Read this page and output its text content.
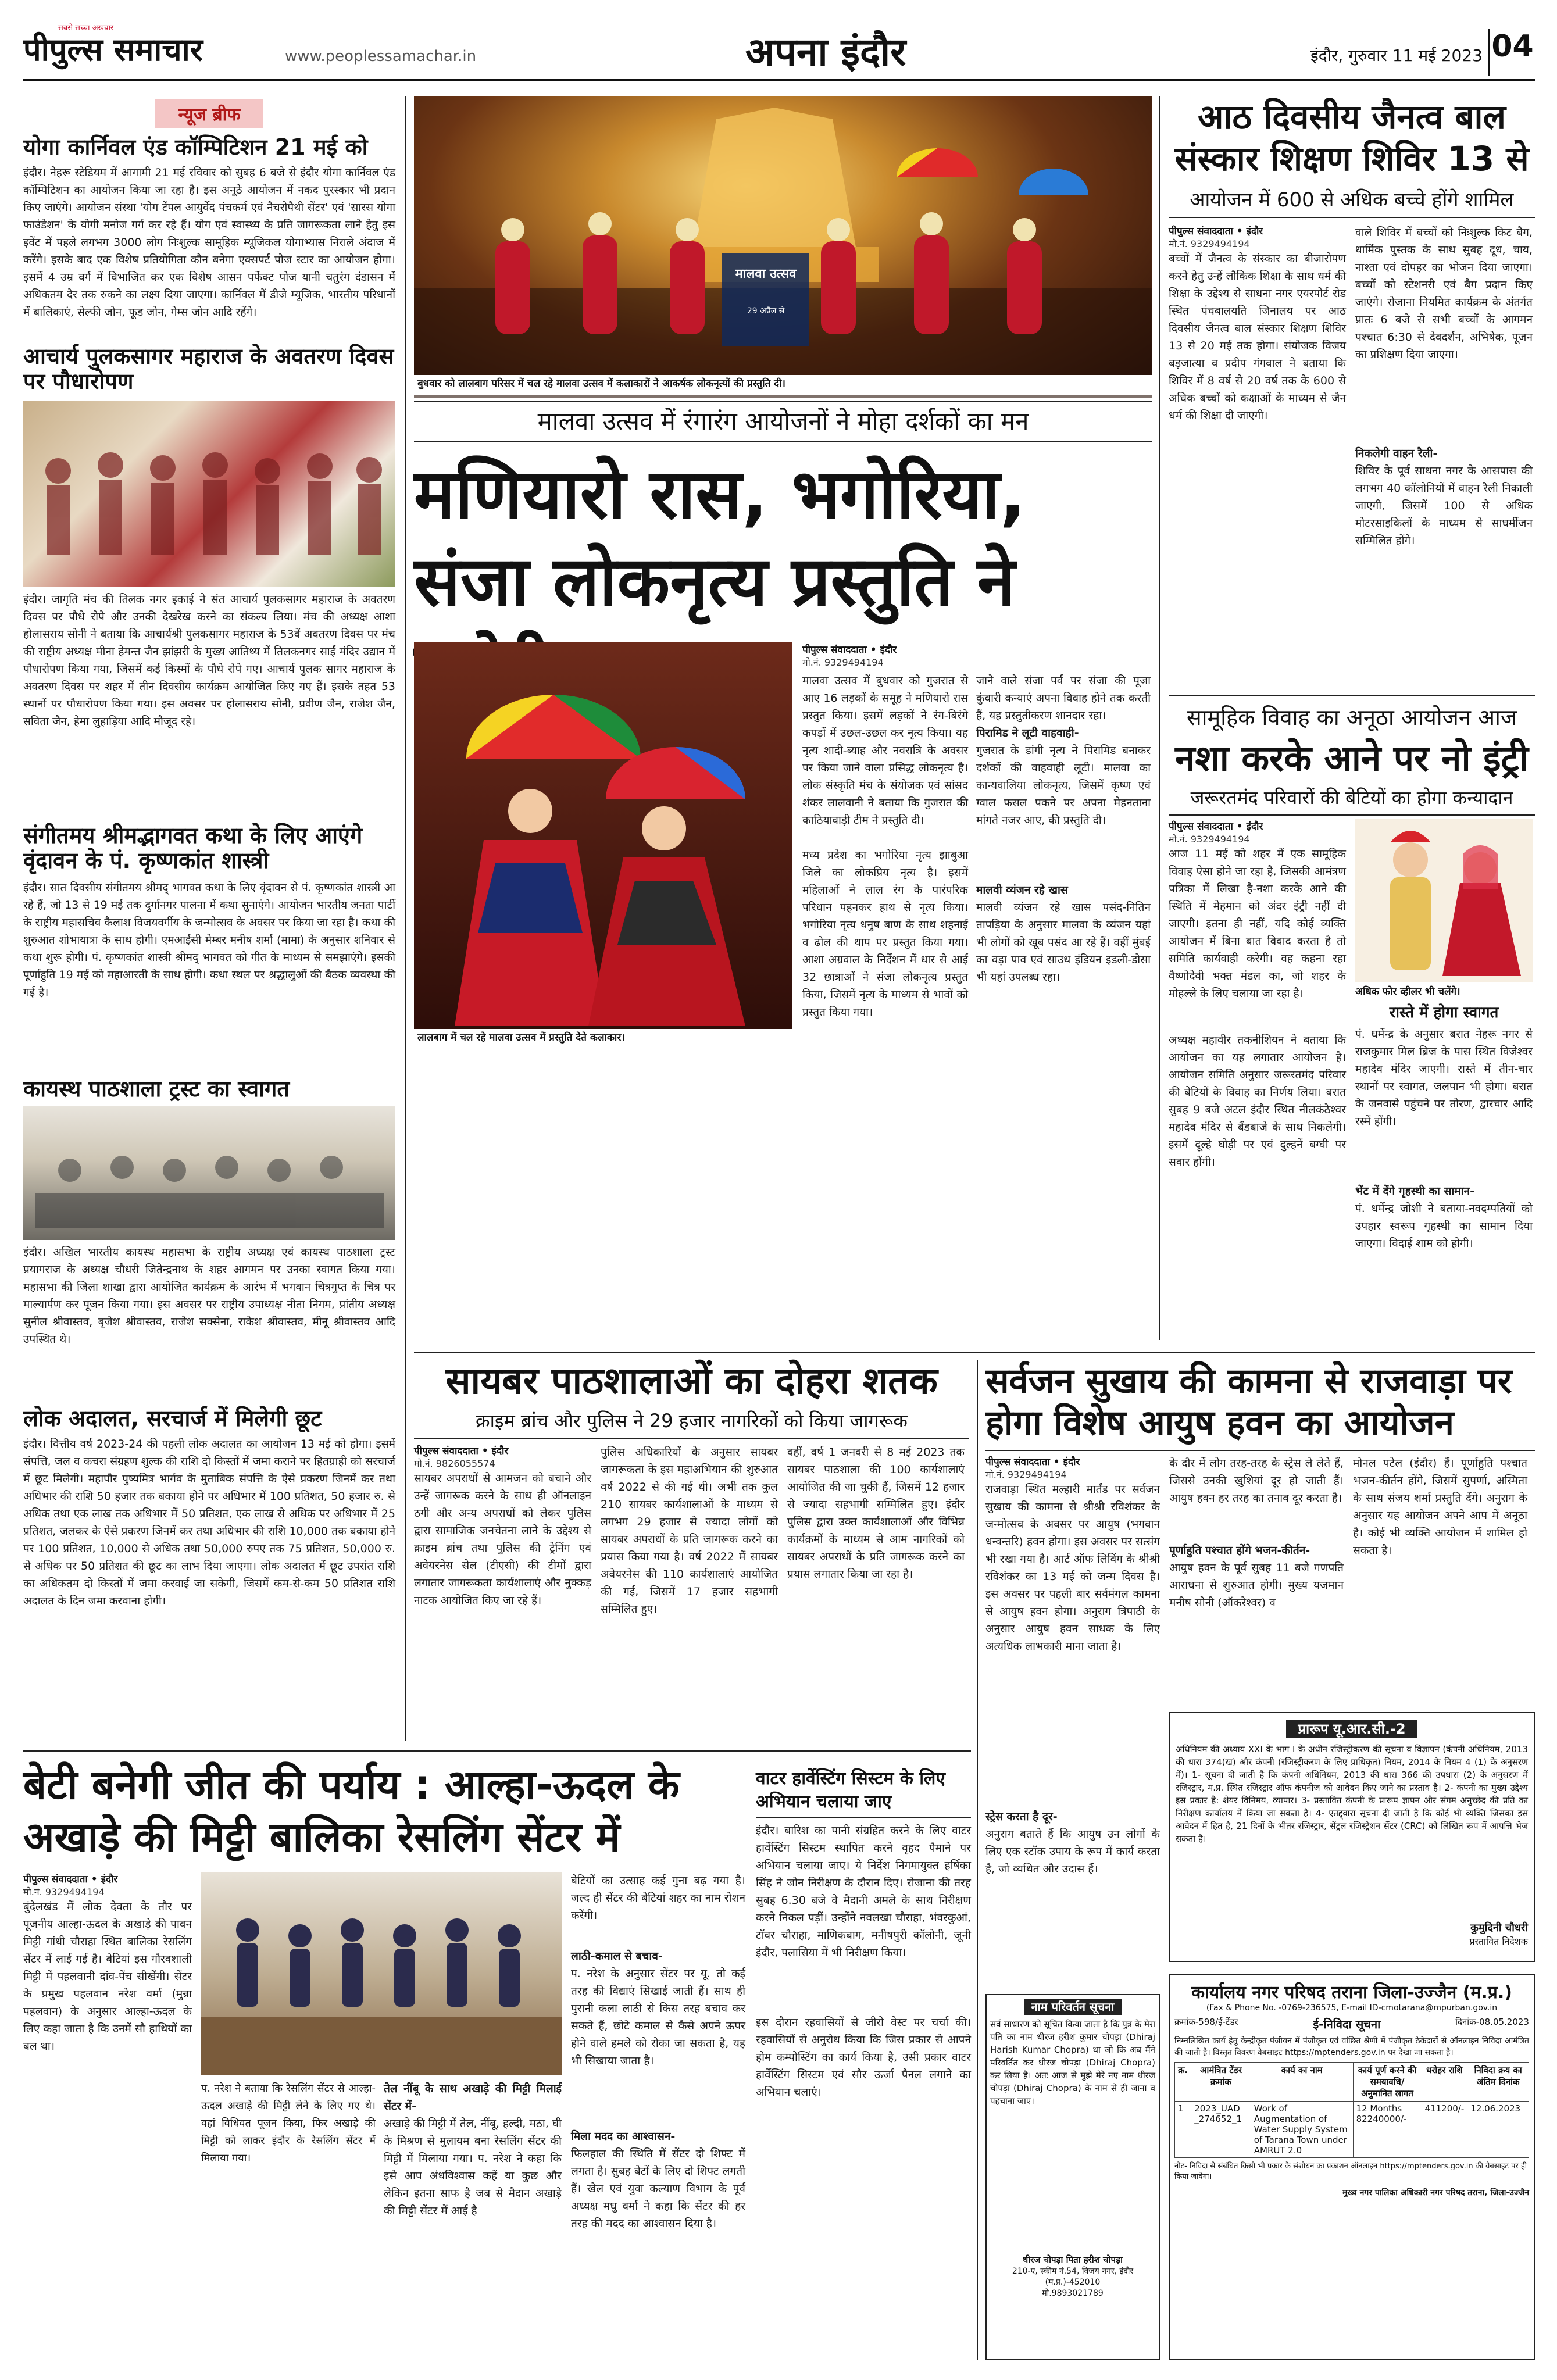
सबसे सच्चा अखबार
पीपुल्स समाचार	www.peoplessamachar.in	अपना इंदौर	इंदौर, गुरुवार 11 मई 2023 04
न्यूज ब्रीफ
योगा कार्निवल एंड कॉम्पिटिशन 21 मई को
इंदौर। नेहरू स्टेडियम में आगामी 21 मई रविवार को सुबह 6 बजे से इंदौर योगा कार्निवल एंड कॉम्पिटिशन का आयोजन किया जा रहा है। इस अनूठे आयोजन में नकद पुरस्कार भी प्रदान किए जाएंगे। आयोजन संस्था 'योग टेंपल आयुर्वेद पंचकर्म एवं नैचरोपैथी सेंटर' एवं 'सारस योगा फाउंडेशन' के योगी मनोज गर्ग कर रहे हैं। योग एवं स्वास्थ्य के प्रति जागरूकता लाने हेतु इस इवेंट में पहले लगभग 3000 लोग निःशुल्क सामूहिक म्यूजिकल योगाभ्यास निराले अंदाज में करेंगे। इसके बाद एक विशेष प्रतियोगिता कौन बनेगा एक्सपर्ट पोज स्टार का आयोजन होगा। इसमें 4 उम्र वर्ग में विभाजित कर एक विशेष आसन पर्फेक्ट पोज यानी चतुरंग दंडासन में अधिकतम देर तक रुकने का लक्ष्य दिया जाएगा। कार्निवल में डीजे म्यूजिक, भारतीय परिधानों में बालिकाएं, सेल्फी जोन, फूड जोन, गेम्स जोन आदि रहेंगे।
आचार्य पुलकसागर महाराज के अवतरण दिवस पर पौधारोपण
इंदौर। जागृति मंच की तिलक नगर इकाई ने संत आचार्य पुलकसागर महाराज के अवतरण दिवस पर पौधे रोपे और उनकी देखरेख करने का संकल्प लिया। मंच की अध्यक्ष आशा होलासराय सोनी ने बताया कि आचार्यश्री पुलकसागर महाराज के 53वें अवतरण दिवस पर मंच की राष्ट्रीय अध्यक्ष मीना हेमन्त जैन झांझरी के मुख्य आतिथ्य में तिलकनगर साईं मंदिर उद्यान में पौधारोपण किया गया, जिसमें कई किस्मों के पौधे रोपे गए। आचार्य पुलक सागर महाराज के अवतरण दिवस पर शहर में तीन दिवसीय कार्यक्रम आयोजित किए गए हैं। इसके तहत 53 स्थानों पर पौधारोपण किया गया। इस अवसर पर होलासराय सोनी, प्रवीण जैन, राजेश जैन, सविता जैन, हेमा लुहाड़िया आदि मौजूद रहे।
संगीतमय श्रीमद्भागवत कथा के लिए आएंगे वृंदावन के पं. कृष्णकांत शास्त्री
इंदौर। सात दिवसीय संगीतमय श्रीमद् भागवत कथा के लिए वृंदावन से पं. कृष्णकांत शास्त्री आ रहे हैं, जो 13 से 19 मई तक दुर्गानगर पालना में कथा सुनाएंगे। आयोजन भारतीय जनता पार्टी के राष्ट्रीय महासचिव कैलाश विजयवर्गीय के जन्मोत्सव के अवसर पर किया जा रहा है। कथा की शुरुआत शोभायात्रा के साथ होगी। एमआईसी मेम्बर मनीष शर्मा (मामा) के अनुसार शनिवार से कथा शुरू होगी। पं. कृष्णकांत शास्त्री श्रीमद् भागवत को गीत के माध्यम से समझाएंगे। इसकी पूर्णाहुति 19 मई को महाआरती के साथ होगी। कथा स्थल पर श्रद्धालुओं की बैठक व्यवस्था की गई है।
कायस्थ पाठशाला ट्रस्ट का स्वागत
इंदौर। अखिल भारतीय कायस्थ महासभा के राष्ट्रीय अध्यक्ष एवं कायस्थ पाठशाला ट्रस्ट प्रयागराज के अध्यक्ष चौधरी जितेन्द्रनाथ के शहर आगमन पर उनका स्वागत किया गया। महासभा की जिला शाखा द्वारा आयोजित कार्यक्रम के आरंभ में भगवान चित्रगुप्त के चित्र पर माल्यार्पण कर पूजन किया गया। इस अवसर पर राष्ट्रीय उपाध्यक्ष नीता निगम, प्रांतीय अध्यक्ष सुनील श्रीवास्तव, बृजेश श्रीवास्तव, राजेश सक्सेना, राकेश श्रीवास्तव, मीनू श्रीवास्तव आदि उपस्थित थे।
लोक अदालत, सरचार्ज में मिलेगी छूट
इंदौर। वित्तीय वर्ष 2023-24 की पहली लोक अदालत का आयोजन 13 मई को होगा। इसमें संपत्ति, जल व कचरा संग्रहण शुल्क की राशि दो किस्तों में जमा कराने पर हितग्राही को सरचार्ज में छूट मिलेगी। महापौर पुष्यमित्र भार्गव के मुताबिक संपत्ति के ऐसे प्रकरण जिनमें कर तथा अधिभार की राशि 50 हजार तक बकाया होने पर अधिभार में 100 प्रतिशत, 50 हजार रु. से अधिक तथा एक लाख तक अधिभार में 50 प्रतिशत, एक लाख से अधिक पर अधिभार में 25 प्रतिशत, जलकर के ऐसे प्रकरण जिनमें कर तथा अधिभार की राशि 10,000 तक बकाया होने पर 100 प्रतिशत, 10,000 से अधिक तथा 50,000 रुपए तक 75 प्रतिशत, 50,000 रु. से अधिक पर 50 प्रतिशत की छूट का लाभ दिया जाएगा। लोक अदालत में छूट उपरांत राशि का अधिकतम दो किस्तों में जमा करवाई जा सकेगी, जिसमें कम-से-कम 50 प्रतिशत राशि अदालत के दिन जमा करवाना होगी।
मालवा उत्सव
29 अप्रैल से
बुधवार को लालबाग परिसर में चल रहे मालवा उत्सव में कलाकारों ने आकर्षक लोकनृत्यों की प्रस्तुति दी।
मालवा उत्सव में रंगारंग आयोजनों ने मोहा दर्शकों का मन
मणियारो रास, भगोरिया, संजा लोकनृत्य प्रस्तुति ने
लालबाग में चल रहे मालवा उत्सव में प्रस्तुति देते कलाकार।
पीपुल्स संवाददाता • इंदौर
मो.नं. 9329494194
मालवा उत्सव में बुधवार को गुजरात से आए 16 लड़कों के समूह ने मणियारो रास प्रस्तुत किया। इसमें लड़कों ने रंग-बिरंगे कपड़ों में उछल-उछल कर नृत्य किया। यह नृत्य शादी-ब्याह और नवरात्रि के अवसर पर किया जाने वाला प्रसिद्ध लोकनृत्य है। लोक संस्कृति मंच के संयोजक एवं सांसद शंकर लालवानी ने बताया कि गुजरात की काठियावाड़ी टीम ने प्रस्तुति दी।
मध्य प्रदेश का भगोरिया नृत्य झाबुआ जिले का लोकप्रिय नृत्य है। इसमें महिलाओं ने लाल रंग के पारंपरिक परिधान पहनकर हाथ से नृत्य किया। भगोरिया नृत्य धनुष बाण के साथ शहनाई व ढोल की थाप पर प्रस्तुत किया गया। आशा अग्रवाल के निर्देशन में धार से आई 32 छात्राओं ने संजा लोकनृत्य प्रस्तुत किया, जिसमें नृत्य के माध्यम से भावों को प्रस्तुत किया गया।
जाने वाले संजा पर्व पर संजा की पूजा कुंवारी कन्याएं अपना विवाह होने तक करती हैं, यह प्रस्तुतीकरण शानदार रहा।
पिरामिड ने लूटी वाहवाही-
गुजरात के डांगी नृत्य ने पिरामिड बनाकर दर्शकों की वाहवाही लूटी। मालवा का कान्यवालिया लोकनृत्य, जिसमें कृष्ण एवं ग्वाल फसल पकने पर अपना मेहनताना मांगते नजर आए, की प्रस्तुति दी।
मालवी व्यंजन रहे खास
मालवी व्यंजन रहे खास पसंद-नितिन तापड़िया के अनुसार मालवा के व्यंजन यहां भी लोगों को खूब पसंद आ रहे हैं। वहीं मुंबई का वड़ा पाव एवं साउथ इंडियन इडली-डोसा भी यहां उपलब्ध रहा।
आठ दिवसीय जैनत्व बाल संस्कार शिक्षण शिविर 13 से
आयोजन में 600 से अधिक बच्चे होंगे शामिल
पीपुल्स संवाददाता • इंदौर
मो.नं. 9329494194
बच्चों में जैनत्व के संस्कार का बीजारोपण करने हेतु उन्हें लौकिक शिक्षा के साथ धर्म की शिक्षा के उद्देश्य से साधना नगर एयरपोर्ट रोड स्थित पंचबालयति जिनालय पर आठ दिवसीय जैनत्व बाल संस्कार शिक्षण शिविर 13 से 20 मई तक होगा। संयोजक विजय बड़जात्या व प्रदीप गंगवाल ने बताया कि शिविर में 8 वर्ष से 20 वर्ष तक के 600 से अधिक बच्चों को कक्षाओं के माध्यम से जैन धर्म की शिक्षा दी जाएगी।
वाले शिविर में बच्चों को निःशुल्क किट बैग, धार्मिक पुस्तक के साथ सुबह दूध, चाय, नाश्ता एवं दोपहर का भोजन दिया जाएगा। बच्चों को स्टेशनरी एवं बैग प्रदान किए जाएंगे। रोजाना नियमित कार्यक्रम के अंतर्गत प्रातः 6 बजे से सभी बच्चों के आगमन पश्चात 6:30 से देवदर्शन, अभिषेक, पूजन का प्रशिक्षण दिया जाएगा।
निकलेगी वाहन रैली-
शिविर के पूर्व साधना नगर के आसपास की लगभग 40 कॉलोनियों में वाहन रैली निकाली जाएगी, जिसमें 100 से अधिक मोटरसाइकिलों के माध्यम से साधर्मीजन सम्मिलित होंगे।
सामूहिक विवाह का अनूठा आयोजन आज
नशा करके आने पर नो इंट्री
जरूरतमंद परिवारों की बेटियों का होगा कन्यादान
पीपुल्स संवाददाता • इंदौर
मो.नं. 9329494194
आज 11 मई को शहर में एक सामूहिक विवाह ऐसा होने जा रहा है, जिसकी आमंत्रण पत्रिका में लिखा है-नशा करके आने की स्थिति में मेहमान को अंदर इंट्री नहीं दी जाएगी। इतना ही नहीं, यदि कोई व्यक्ति आयोजन में बिना बात विवाद करता है तो समिति कार्यवाही करेगी। वह कहना रहा वैष्णोदेवी भक्त मंडल का, जो शहर के मोहल्ले के लिए चलाया जा रहा है।
अध्यक्ष महावीर तकनीशियन ने बताया कि आयोजन का यह लगातार आयोजन है। आयोजन समिति अनुसार जरूरतमंद परिवार की बेटियों के विवाह का निर्णय लिया। बरात सुबह 9 बजे अटल इंदौर स्थित नीलकंठेश्वर महादेव मंदिर से बैंडबाजे के साथ निकलेगी। इसमें दूल्हे घोड़ी पर एवं दुल्हनें बग्घी पर सवार होंगी।
अधिक फोर व्हीलर भी चलेंगे।
रास्ते में होगा स्वागत
पं. धर्मेन्द्र के अनुसार बरात नेहरू नगर से राजकुमार मिल ब्रिज के पास स्थित विजेश्वर महादेव मंदिर जाएगी। रास्ते में तीन-चार स्थानों पर स्वागत, जलपान भी होगा। बरात के जनवासे पहुंचने पर तोरण, द्वारचार आदि रस्में होंगी।
भेंट में देंगे गृहस्थी का सामान-
पं. धर्मेन्द्र जोशी ने बताया-नवदम्पतियों को उपहार स्वरूप गृहस्थी का सामान दिया जाएगा। विदाई शाम को होगी।
सायबर पाठशालाओं का दोहरा शतक
क्राइम ब्रांच और पुलिस ने 29 हजार नागरिकों को किया जागरूक
पीपुल्स संवाददाता • इंदौर
मो.नं. 9826055574
सायबर अपराधों से आमजन को बचाने और उन्हें जागरूक करने के साथ ही ऑनलाइन ठगी और अन्य अपराधों को लेकर पुलिस द्वारा सामाजिक जनचेतना लाने के उद्देश्य से क्राइम ब्रांच तथा पुलिस की ट्रेनिंग एवं अवेयरनेस सेल (टीएसी) की टीमों द्वारा लगातार जागरूकता कार्यशालाएं और नुक्कड़ नाटक आयोजित किए जा रहे हैं।
पुलिस अधिकारियों के अनुसार सायबर जागरूकता के इस महाअभियान की शुरुआत वर्ष 2022 से की गई थी। अभी तक कुल 210 सायबर कार्यशालाओं के माध्यम से लगभग 29 हजार से ज्यादा लोगों को सायबर अपराधों के प्रति जागरूक करने का प्रयास किया गया है। वर्ष 2022 में सायबर अवेयरनेस की 110 कार्यशालाएं आयोजित की गईं, जिसमें 17 हजार सहभागी सम्मिलित हुए।
वहीं, वर्ष 1 जनवरी से 8 मई 2023 तक सायबर पाठशाला की 100 कार्यशालाएं आयोजित की जा चुकी हैं, जिसमें 12 हजार से ज्यादा सहभागी सम्मिलित हुए। इंदौर पुलिस द्वारा उक्त कार्यशालाओं और विभिन्न कार्यक्रमों के माध्यम से आम नागरिकों को सायबर अपराधों के प्रति जागरूक करने का प्रयास लगातार किया जा रहा है।
सर्वजन सुखाय की कामना से राजवाड़ा पर होगा विशेष आयुष हवन का आयोजन
पीपुल्स संवाददाता • इंदौर
मो.नं. 9329494194
राजवाड़ा स्थित मल्हारी मार्तंड पर सर्वजन सुखाय की कामना से श्रीश्री रविशंकर के जन्मोत्सव के अवसर पर आयुष (भगवान धन्वन्तरि) हवन होगा। इस अवसर पर सत्संग भी रखा गया है। आर्ट ऑफ लिविंग के श्रीश्री रविशंकर का 13 मई को जन्म दिवस है। इस अवसर पर पहली बार सर्वमंगल कामना से आयुष हवन होगा। अनुराग त्रिपाठी के अनुसार आयुष हवन साधक के लिए अत्यधिक लाभकारी माना जाता है।
के दौर में लोग तरह-तरह के स्ट्रेस ले लेते हैं, जिससे उनकी खुशियां दूर हो जाती हैं। आयुष हवन हर तरह का तनाव दूर करता है।
पूर्णाहुति पश्चात होंगे भजन-कीर्तन-
आयुष हवन के पूर्व सुबह 11 बजे गणपति आराधना से शुरुआत होगी। मुख्य यजमान मनीष सोनी (ऑकरेश्वर) व
मोनल पटेल (इंदौर) हैं। पूर्णाहुति पश्चात भजन-कीर्तन होंगे, जिसमें सुपर्णा, अस्मिता के साथ संजय शर्मा प्रस्तुति देंगे। अनुराग के अनुसार यह आयोजन अपने आप में अनूठा है। कोई भी व्यक्ति आयोजन में शामिल हो सकता है।
प्रारूप यू.आर.सी.-2
अधिनियम की अध्याय XXI के भाग I के अधीन रजिस्ट्रीकरण की सूचना व विज्ञापन (कंपनी अधिनियम, 2013 की धारा 374(ख) और कंपनी (रजिस्ट्रीकरण के लिए प्राधिकृत) नियम, 2014 के नियम 4 (1) के अनुसरण में)। 1- सूचना दी जाती है कि कंपनी अधिनियम, 2013 की धारा 366 की उपधारा (2) के अनुसरण में रजिस्ट्रार, म.प्र. स्थित रजिस्ट्रार ऑफ कंपनीज को आवेदन किए जाने का प्रस्ताव है। 2- कंपनी का मुख्य उद्देश्य इस प्रकार है: शेयर विनिमय, व्यापार। 3- प्रस्तावित कंपनी के प्रारूप ज्ञापन और संगम अनुच्छेद की प्रति का निरीक्षण कार्यालय में किया जा सकता है। 4- एतद्द्वारा सूचना दी जाती है कि कोई भी व्यक्ति जिसका इस आवेदन में हित है, 21 दिनों के भीतर रजिस्ट्रार, सेंट्रल रजिस्ट्रेशन सेंटर (CRC) को लिखित रूप में आपत्ति भेज सकता है।
कुमुदिनी चौधरी
प्रस्तावित निदेशक
कार्यालय नगर परिषद तराना जिला-उज्जैन (म.प्र.)
(Fax & Phone No. -0769-236575, E-mail ID-cmotarana@mpurban.gov.in
क्रमांक-598/ई-टेंडर	ई-निविदा सूचना	दिनांक-08.05.2023
निम्नलिखित कार्य हेतु केन्द्रीकृत पंजीयन में पंजीकृत एवं वांछित श्रेणी में पंजीकृत ठेकेदारों से ऑनलाइन निविदा आमंत्रित की जाती है। विस्तृत विवरण वेबसाइट https://mptenders.gov.in पर देखा जा सकता है।
क्र.	आमंत्रित टेंडर क्रमांक	कार्य का नाम	कार्य पूर्ण करने की समयावधि/ अनुमानित लागत	धरोहर राशि	निविदा क्रय का अंतिम दिनांक
1	2023_UAD _274652_1	Work of Augmentation of Water Supply System of Tarana Town under AMRUT 2.0	12 Months 82240000/-	411200/-	12.06.2023
नोट- निविदा से संबंधित किसी भी प्रकार के संशोधन का प्रकाशन ऑनलाइन https://mptenders.gov.in की वेबसाइट पर ही किया जावेगा।
मुख्य नगर पालिका अधिकारी नगर परिषद तराना, जिला-उज्जैन
बेटी बनेगी जीत की पर्याय : आल्हा-ऊदल के अखाड़े की मिट्टी बालिका रेसलिंग सेंटर में
पीपुल्स संवाददाता • इंदौर
मो.नं. 9329494194
बुंदेलखंड में लोक देवता के तौर पर पूजनीय आल्हा-ऊदल के अखाड़े की पावन मिट्टी गांधी चौराहा स्थित बालिका रेसलिंग सेंटर में लाई गई है। बेटियां इस गौरवशाली मिट्टी में पहलवानी दांव-पेंच सीखेंगी। सेंटर के प्रमुख पहलवान नरेश वर्मा (मुन्ना पहलवान) के अनुसार आल्हा-ऊदल के लिए कहा जाता है कि उनमें सौ हाथियों का बल था।
प. नरेश ने बताया कि रेसलिंग सेंटर से आल्हा-ऊदल अखाड़े की मिट्टी लेने के लिए गए थे। वहां विधिवत पूजन किया, फिर अखाड़े की मिट्टी को लाकर इंदौर के रेसलिंग सेंटर में मिलाया गया।
तेल नींबू के साथ अखाड़े की मिट्टी मिलाई सेंटर में-
अखाड़े की मिट्टी में तेल, नींबू, हल्दी, मठा, घी के मिश्रण से मुलायम बना रेसलिंग सेंटर की मिट्टी में मिलाया गया। प. नरेश ने कहा कि इसे आप अंधविश्वास कहें या कुछ और लेकिन इतना साफ है जब से मैदान अखाड़े की मिट्टी सेंटर में आई है
बेटियों का उत्साह कई गुना बढ़ गया है। जल्द ही सेंटर की बेटियां शहर का नाम रोशन करेंगी।
लाठी-कमाल से बचाव-
प. नरेश के अनुसार सेंटर पर यू. तो कई तरह की विद्याएं सिखाई जाती हैं। साथ ही पुरानी कला लाठी से किस तरह बचाव कर सकते हैं, छोटे कमाल से कैसे अपने ऊपर होने वाले हमले को रोका जा सकता है, यह भी सिखाया जाता है।
मिला मदद का आश्वासन-
फिलहाल की स्थिति में सेंटर दो शिफ्ट में लगता है। सुबह बेटों के लिए दो शिफ्ट लगती हैं। खेल एवं युवा कल्याण विभाग के पूर्व अध्यक्ष मधु वर्मा ने कहा कि सेंटर की हर तरह की मदद का आश्वासन दिया है।
वाटर हार्वेस्टिंग सिस्टम के लिए अभियान चलाया जाए
इंदौर। बारिश का पानी संग्रहित करने के लिए वाटर हार्वेस्टिंग सिस्टम स्थापित करने वृहद पैमाने पर अभियान चलाया जाए। ये निर्देश निगमायुक्त हर्षिका सिंह ने जोन निरीक्षण के दौरान दिए। रोजाना की तरह सुबह 6.30 बजे वे मैदानी अमले के साथ निरीक्षण करने निकल पड़ीं। उन्होंने नवलखा चौराहा, भंवरकुआं, टॉवर चौराहा, माणिकबाग, मनीषपुरी कॉलोनी, जूनी इंदौर, पलासिया में भी निरीक्षण किया।
इस दौरान रहवासियों से जीरो वेस्ट पर चर्चा की। रहवासियों से अनुरोध किया कि जिस प्रकार से आपने होम कम्पोस्टिंग का कार्य किया है, उसी प्रकार वाटर हार्वेस्टिंग सिस्टम एवं सौर ऊर्जा पैनल लगाने का अभियान चलाएं।
स्ट्रेस करता है दूर-
अनुराग बताते हैं कि आयुष उन लोगों के लिए एक स्टॉक उपाय के रूप में कार्य करता है, जो व्यथित और उदास हैं।
नाम परिवर्तन सूचना
सर्व साधारण को सूचित किया जाता है कि पुत्र के मेरा पति का नाम धीरज हरीश कुमार चोपड़ा (Dhiraj Harish Kumar Chopra) था जो कि अब मैंने परिवर्तित कर धीरज चोपड़ा (Dhiraj Chopra) कर लिया है। अतः आज से मुझे मेरे नए नाम धीरज चोपड़ा (Dhiraj Chopra) के नाम से ही जाना व पहचाना जाए।
धीरज चोपड़ा पिता हरीश चोपड़ा
210-ए, स्कीम नं.54, विजय नगर, इंदौर (म.प्र.)-452010
मो.9893021789
